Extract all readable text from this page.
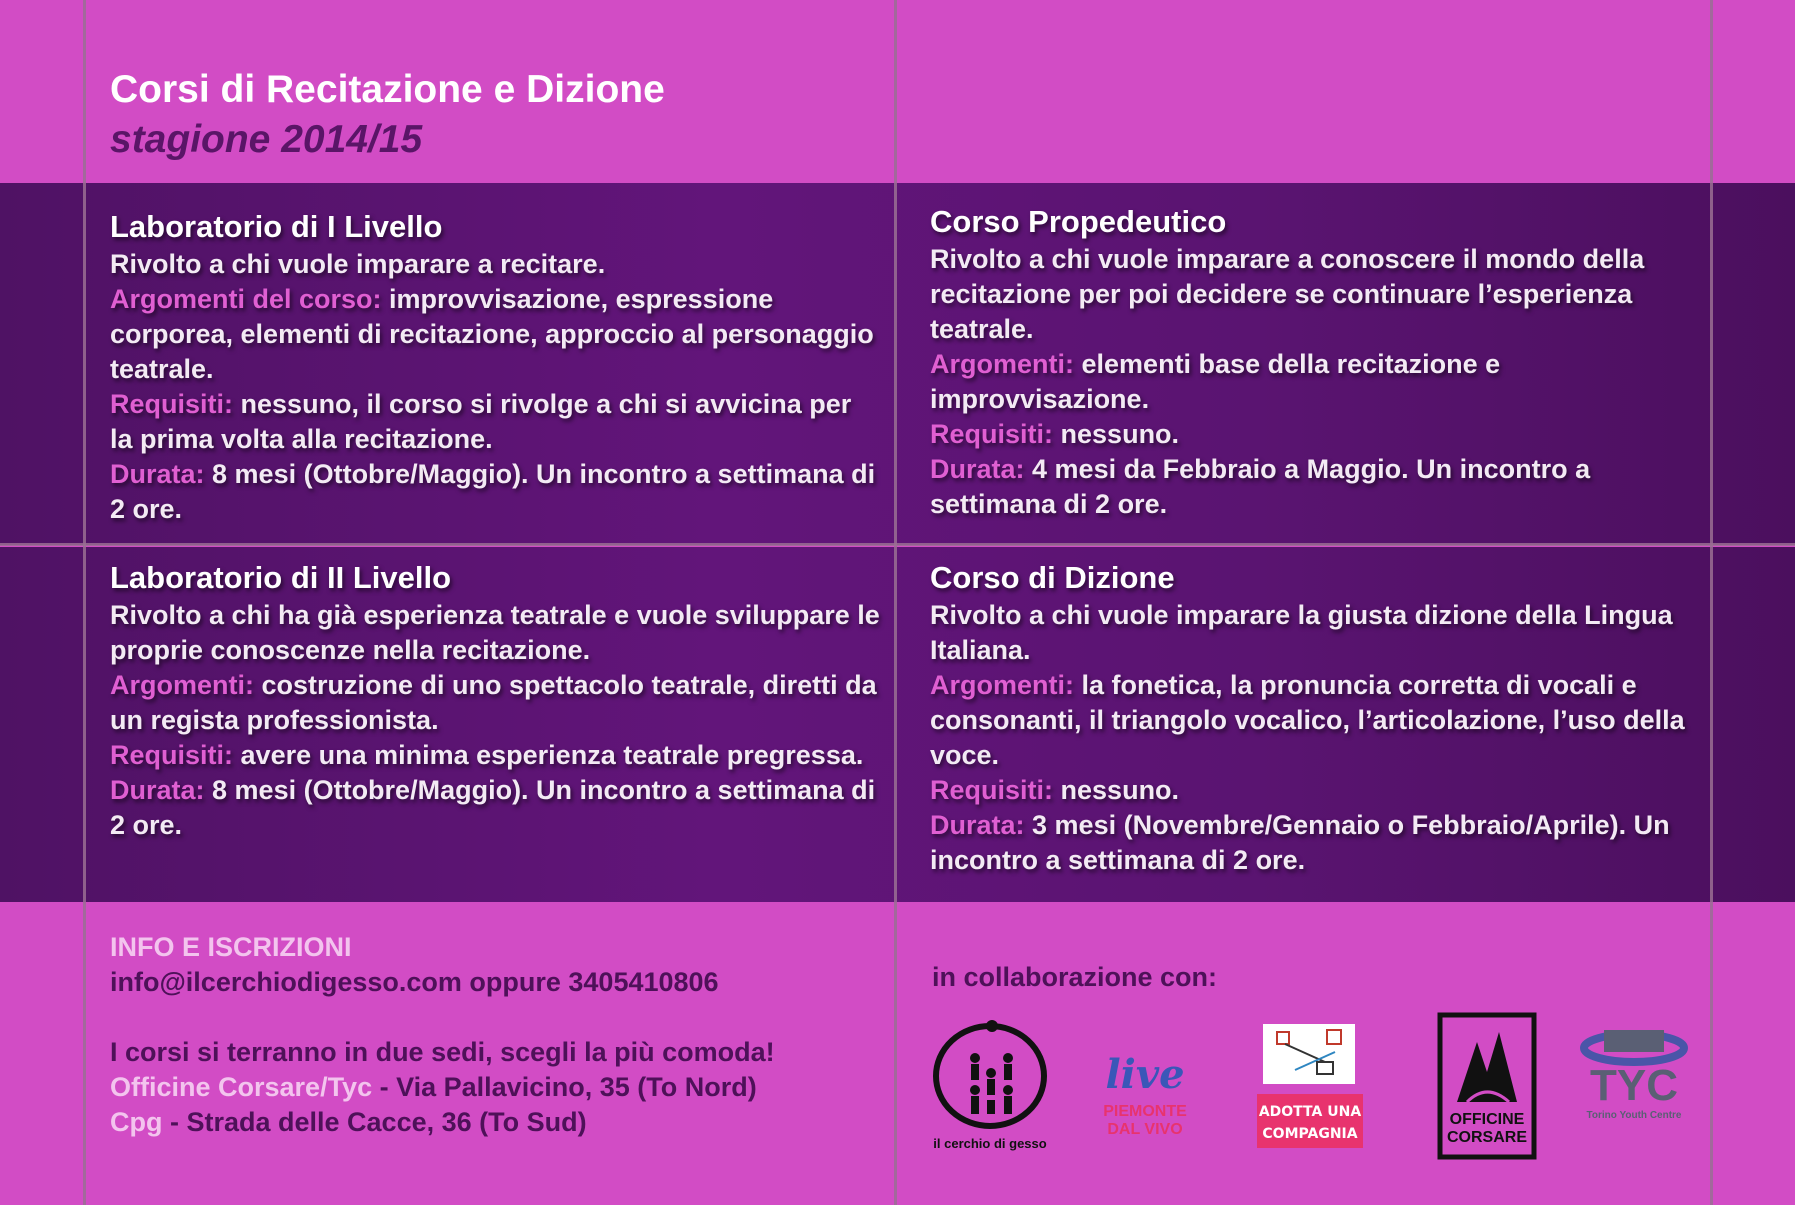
Corsi di Recitazione e Dizione
stagione 2014/15
Laboratorio di I Livello

Rivolto a chi vuole imparare a recitare.
Argomenti del corso: improvvisazione, espressione corporea, elementi di recitazione, approccio al personaggio teatrale.
Requisiti: nessuno, il corso si rivolge a chi si avvicina per la prima volta alla recitazione.
Durata: 8 mesi (Ottobre/Maggio). Un incontro a settimana di 2 ore.

Corso Propedeutico

Rivolto a chi vuole imparare a conoscere il mondo della recitazione per poi decidere se continuare l’esperienza teatrale.
Argomenti: elementi base della recitazione e improvvisazione.
Requisiti: nessuno.
Durata: 4 mesi da Febbraio a Maggio. Un incontro a settimana di 2 ore.

Laboratorio di II Livello

Rivolto a chi ha già esperienza teatrale e vuole sviluppare le proprie conoscenze nella recitazione.
Argomenti: costruzione di uno spettacolo teatrale, diretti da un regista professionista.
Requisiti: avere una minima esperienza teatrale pregressa.
Durata: 8 mesi (Ottobre/Maggio). Un incontro a settimana di 2 ore.

Corso di Dizione

Rivolto a chi vuole imparare la giusta dizione della Lingua Italiana.
Argomenti: la fonetica, la pronuncia corretta di vocali e consonanti, il triangolo vocalico, l’articolazione, l’uso della voce.
Requisiti: nessuno.
Durata: 3 mesi (Novembre/Gennaio o Febbraio/Aprile). Un incontro a settimana di 2 ore.

INFO E ISCRIZIONI

info@ilcerchiodigesso.com oppure 3405410806

I corsi si terranno in due sedi, scegli la più comoda!

Officine Corsare/Tyc - Via Pallavicino, 35 (To Nord)

Cpg - Strada delle Cacce, 36 (To Sud)

in collaborazione con:

il cerchio di gesso
live
PIEMONTE
DAL VIVO
ADOTTA UNA
COMPAGNIA
OFFICINE
CORSARE
TYC
Torino Youth Centre
